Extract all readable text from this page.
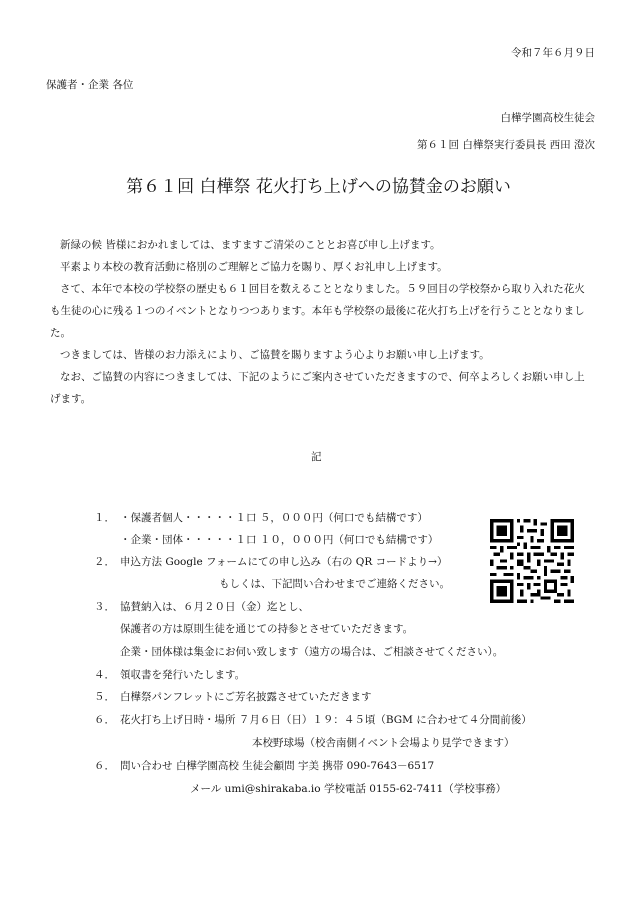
令和７年６月９日
保護者・企業 各位
白樺学園高校生徒会
第６１回 白樺祭実行委員長 西田 澄次
第６１回 白樺祭 花火打ち上げへの協賛金のお願い

新緑の候 皆様におかれましては、ますますご清栄のこととお喜び申し上げます。

平素より本校の教育活動に格別のご理解とご協力を賜り、厚くお礼申し上げます。

さて、本年で本校の学校祭の歴史も６１回目を数えることとなりました。５９回目の学校祭から取り入れた花火も生徒の心に残る１つのイベントとなりつつあります。本年も学校祭の最後に花火打ち上げを行うこととなりました。

つきましては、皆様のお力添えにより、ご協賛を賜りますよう心よりお願い申し上げます。

なお、ご協賛の内容につきましては、下記のようにご案内させていただきますので、何卒よろしくお願い申し上げます。

記
１． ・保護者個人・・・・・１口 ５，０００円（何口でも結構です）
・企業・団体・・・・・１口 １０，０００円（何口でも結構です）
２． 申込方法 Google フォームにての申し込み（右の QR コードより→）
もしくは、下記問い合わせまでご連絡ください。
３． 協賛納入は、６月２０日（金）迄とし、
保護者の方は原則生徒を通じての持参とさせていただきます。
企業・団体様は集金にお伺い致します（遠方の場合は、ご相談させてください）。
４． 領収書を発行いたします。
５． 白樺祭パンフレットにご芳名披露させていただきます
６． 花火打ち上げ日時・場所 ７月６日（日）１９：４５頃（BGM に合わせて４分間前後）
本校野球場（校舎南側イベント会場より見学できます）
６． 問い合わせ 白樺学園高校 生徒会顧問 宇美 携帯 090-7643－6517
メール umi@shirakaba.io 学校電話 0155-62-7411（学校事務）
